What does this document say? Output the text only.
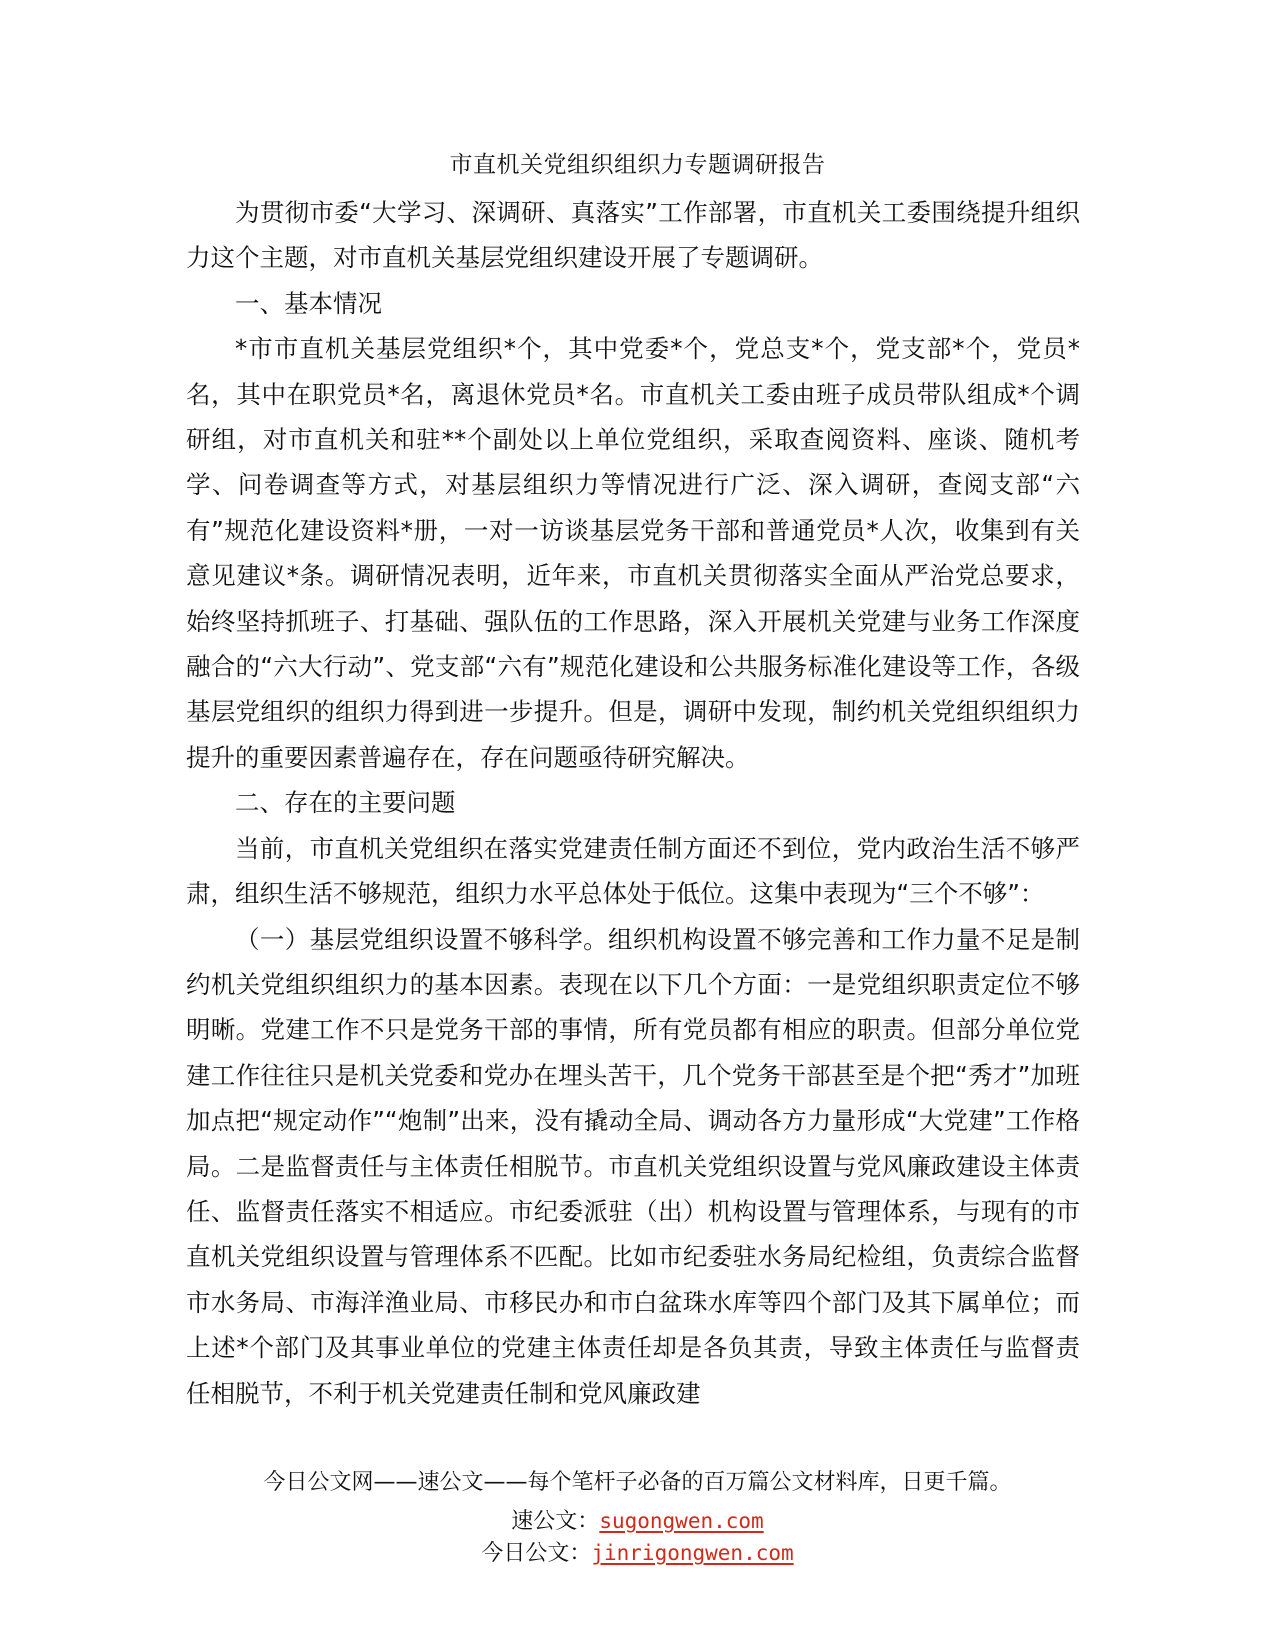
市直机关党组织组织力专题调研报告

为贯彻市委“大学习、深调研、真落实”工作部署，市直机关工委围绕提升组织力这个主题，对市直机关基层党组织建设开展了专题调研。

一、基本情况

*市市直机关基层党组织*个，其中党委*个，党总支*个，党支部*个，党员*名，其中在职党员*名，离退休党员*名。市直机关工委由班子成员带队组成*个调研组，对市直机关和驻**个副处以上单位党组织，采取查阅资料、座谈、随机考学、问卷调查等方式，对基层组织力等情况进行广泛、深入调研，查阅支部“六有”规范化建设资料*册，一对一访谈基层党务干部和普通党员*人次，收集到有关意见建议*条。调研情况表明，近年来，市直机关贯彻落实全面从严治党总要求，始终坚持抓班子、打基础、强队伍的工作思路，深入开展机关党建与业务工作深度融合的“六大行动”、党支部“六有”规范化建设和公共服务标准化建设等工作，各级基层党组织的组织力得到进一步提升。但是，调研中发现，制约机关党组织组织力提升的重要因素普遍存在，存在问题亟待研究解决。

二、存在的主要问题

当前，市直机关党组织在落实党建责任制方面还不到位，党内政治生活不够严肃，组织生活不够规范，组织力水平总体处于低位。这集中表现为“三个不够”：

（一）基层党组织设置不够科学。组织机构设置不够完善和工作力量不足是制约机关党组织组织力的基本因素。表现在以下几个方面：一是党组织职责定位不够明晰。党建工作不只是党务干部的事情，所有党员都有相应的职责。但部分单位党建工作往往只是机关党委和党办在埋头苦干，几个党务干部甚至是个把“秀才”加班加点把“规定动作”“炮制”出来，没有撬动全局、调动各方力量形成“大党建”工作格局。二是监督责任与主体责任相脱节。市直机关党组织设置与党风廉政建设主体责任、监督责任落实不相适应。市纪委派驻（出）机构设置与管理体系，与现有的市直机关党组织设置与管理体系不匹配。比如市纪委驻水务局纪检组，负责综合监督市水务局、市海洋渔业局、市移民办和市白盆珠水库等四个部门及其下属单位；而上述*个部门及其事业单位的党建主体责任却是各负其责，导致主体责任与监督责任相脱节，不利于机关党建责任制和党风廉政建

今日公文网——速公文——每个笔杆子必备的百万篇公文材料库，日更千篇。
速公文：sugongwen.com
今日公文：jinrigongwen.com
